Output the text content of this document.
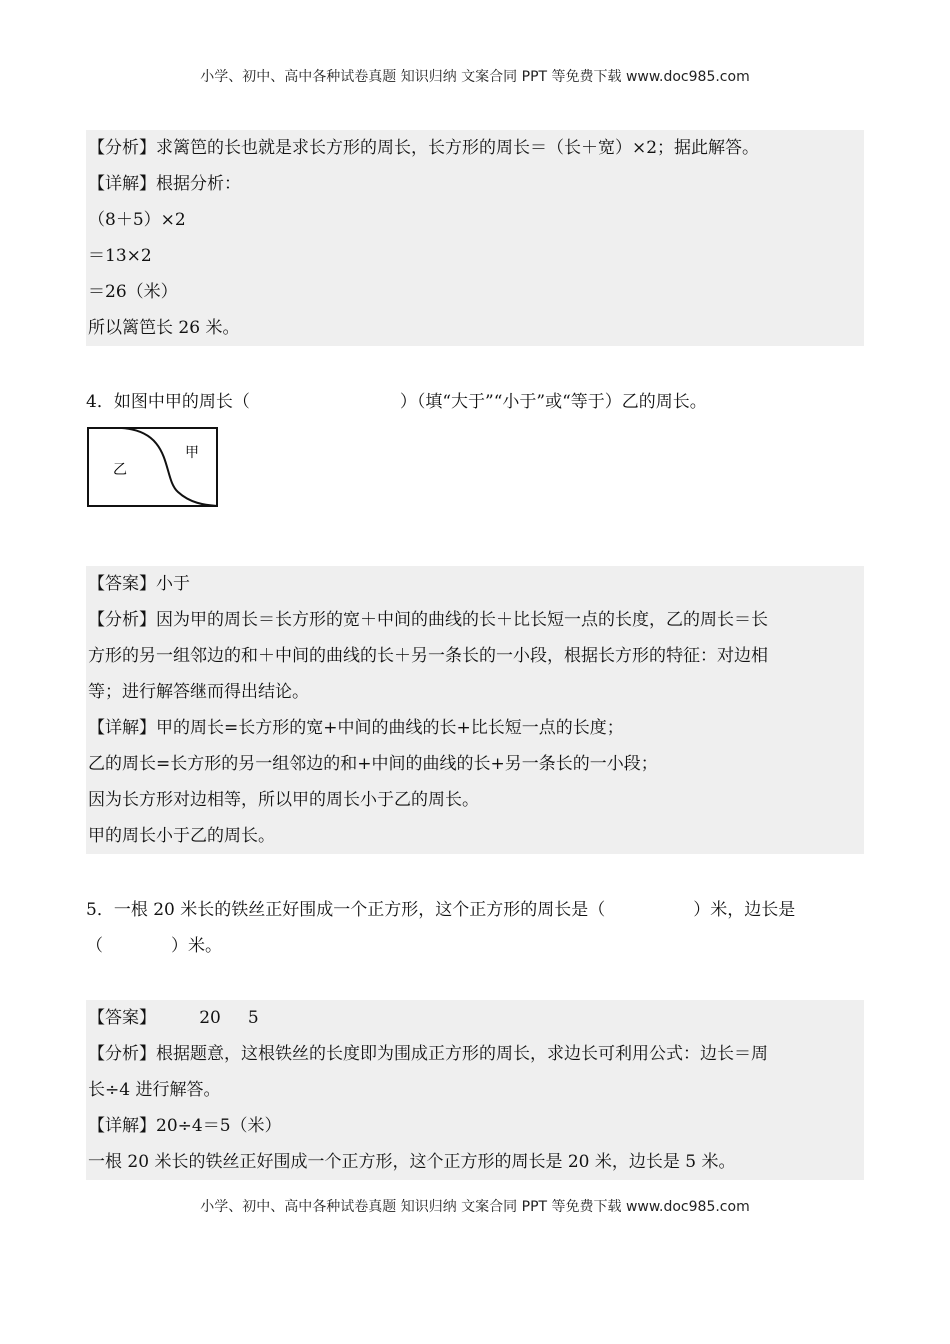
小学、初中、高中各种试卷真题 知识归纳 文案合同 PPT 等免费下载 www.doc985.com
【分析】求篱笆的长也就是求长方形的周长，长方形的周长＝（长＋宽）×2；据此解答。
【详解】根据分析：
（8＋5）×2
＝13×2
＝26（米）
所以篱笆长 26 米。
4．如图中甲的周长（	）（填“大于”“小于”或“等于）乙的周长。
甲
乙
【答案】小于
【分析】因为甲的周长＝长方形的宽＋中间的曲线的长＋比长短一点的长度，乙的周长＝长
方形的另一组邻边的和＋中间的曲线的长＋另一条长的一小段，根据长方形的特征：对边相
等；进行解答继而得出结论。
【详解】甲的周长=长方形的宽+中间的曲线的长+比长短一点的长度；
乙的周长=长方形的另一组邻边的和+中间的曲线的长+另一条长的一小段；
因为长方形对边相等，所以甲的周长小于乙的周长。
甲的周长小于乙的周长。
5．一根 20 米长的铁丝正好围成一个正方形，这个正方形的周长是（	）米，边长是
（	）米。
【答案】        20     5
【分析】根据题意，这根铁丝的长度即为围成正方形的周长，求边长可利用公式：边长＝周
长÷4 进行解答。
【详解】20÷4＝5（米）
一根 20 米长的铁丝正好围成一个正方形，这个正方形的周长是 20 米，边长是 5 米。
小学、初中、高中各种试卷真题 知识归纳 文案合同 PPT 等免费下载 www.doc985.com
